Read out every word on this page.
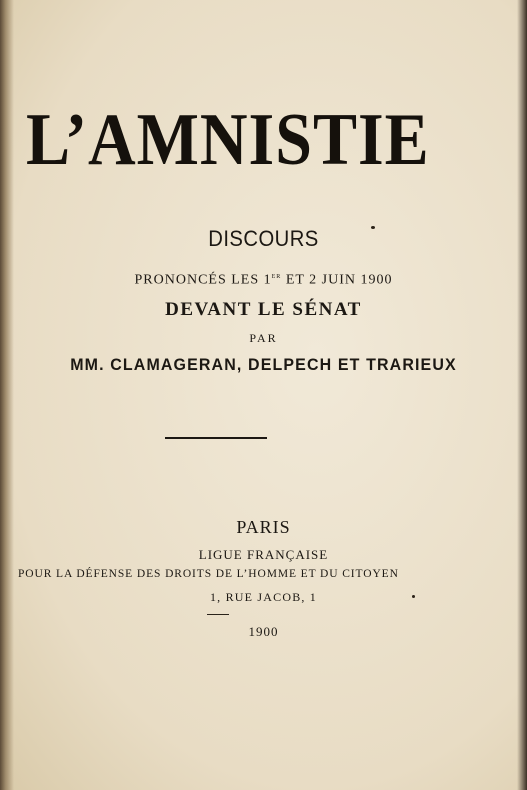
L’AMNISTIE
DISCOURS
PRONONCÉS LES 1er ET 2 JUIN 1900
DEVANT LE SÉNAT
PAR
MM. CLAMAGERAN, DELPECH ET TRARIEUX
PARIS
LIGUE FRANÇAISE
POUR LA DÉFENSE DES DROITS DE L’HOMME ET DU CITOYEN
1, RUE JACOB, 1
1900
